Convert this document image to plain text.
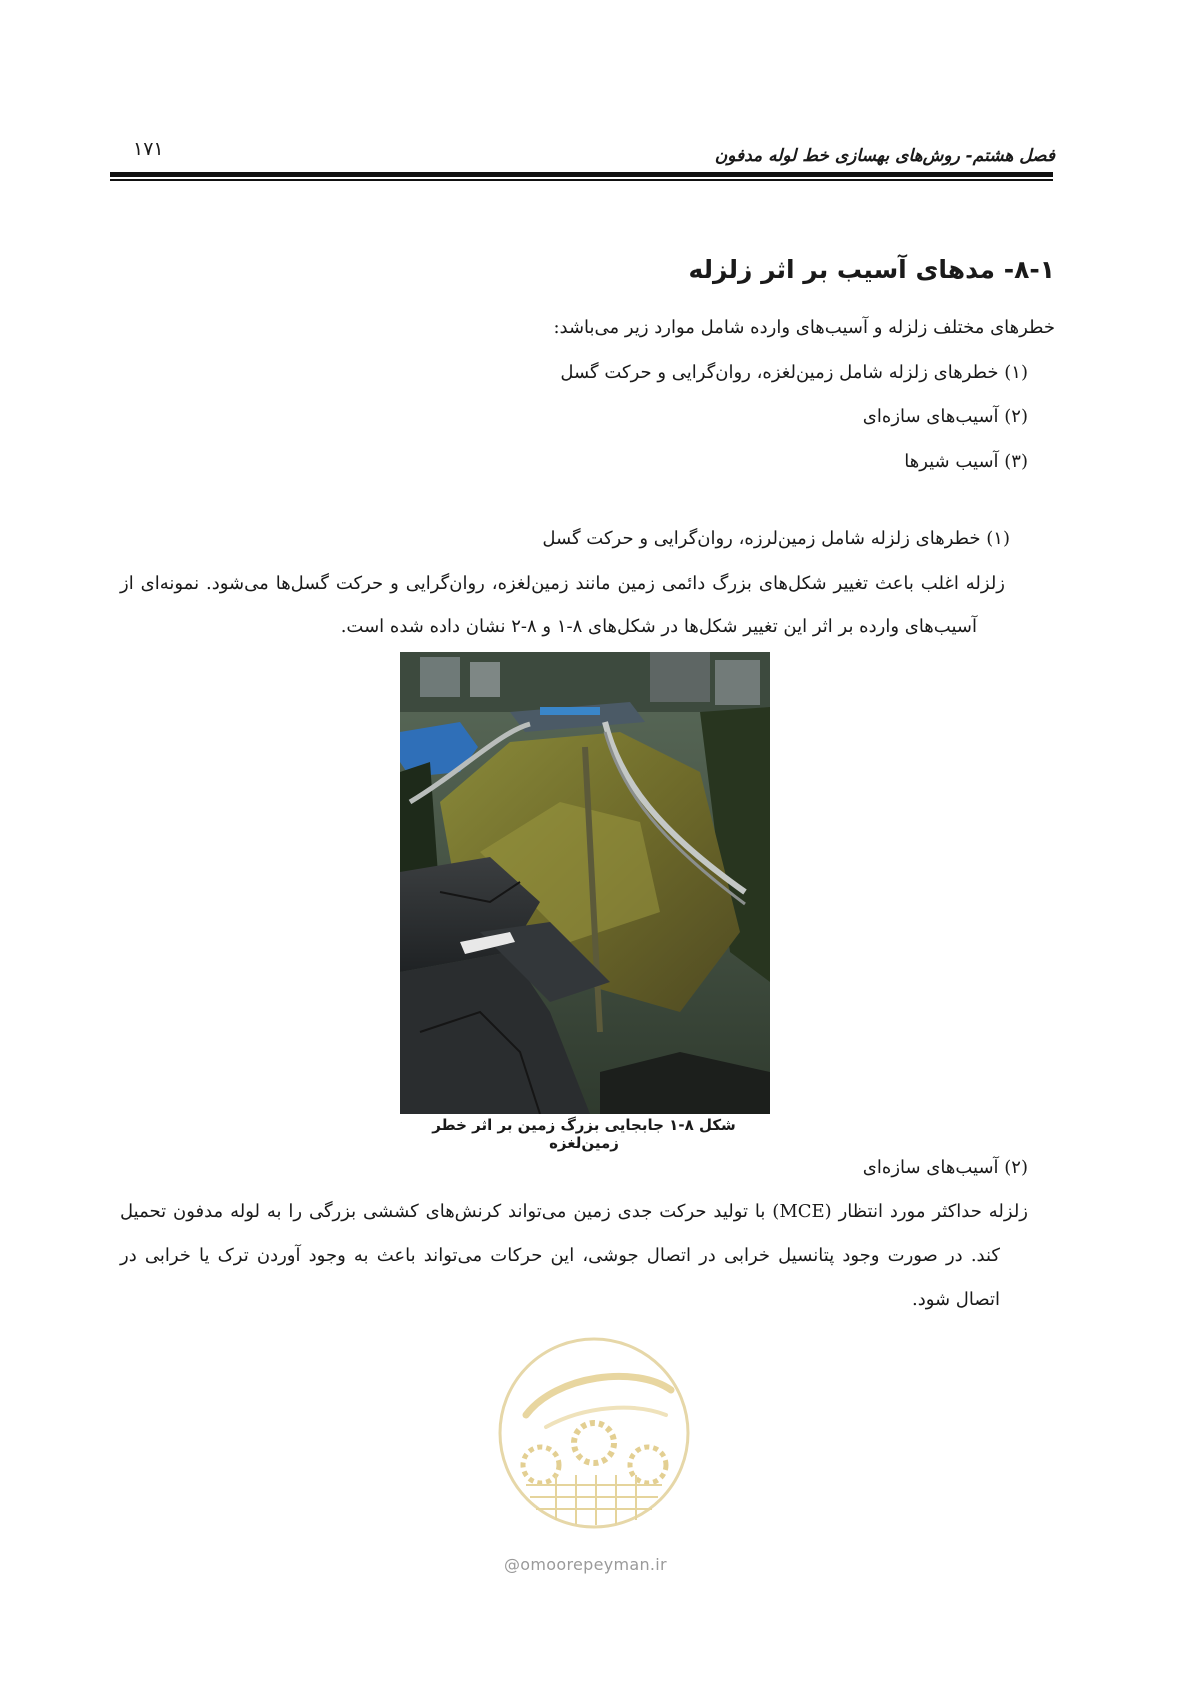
۱۷۱	فصل هشتم- روش‌های بهسازی خط لوله مدفون
۸-۱- مدهای آسیب بر اثر زلزله
خطرهای مختلف زلزله و آسیب‌های وارده شامل موارد زیر می‌باشد:
(۱) خطرهای زلزله شامل زمین‌لغزه، روان‌گرایی و حرکت گسل
(۲) آسیب‌های سازه‌ای
(۳) آسیب شیرها
(۱) خطرهای زلزله شامل زمین‌لرزه، روان‌گرایی و حرکت گسل
زلزله اغلب باعث تغییر شکل‌های بزرگ دائمی زمین مانند زمین‌لغزه، روان‌گرایی و حرکت گسل‌ها می‌شود. نمونه‌ای از
آسیب‌های وارده بر اثر این تغییر شکل‌ها در شکل‌های ۸-۱ و ۸-۲ نشان داده شده است.
شکل ۸-۱ جابجایی بزرگ زمین بر اثر خطر زمین‌لغزه
(۲) آسیب‌های سازه‌ای
زلزله حداکثر مورد انتظار (MCE) با تولید حرکت جدی زمین می‌تواند کرنش‌های کششی بزرگی را به لوله مدفون تحمیل
کند. در صورت وجود پتانسیل خرابی در اتصال جوشی، این حرکات می‌تواند باعث به وجود آوردن ترک یا خرابی در
اتصال شود.
@omoorepeyman.ir
